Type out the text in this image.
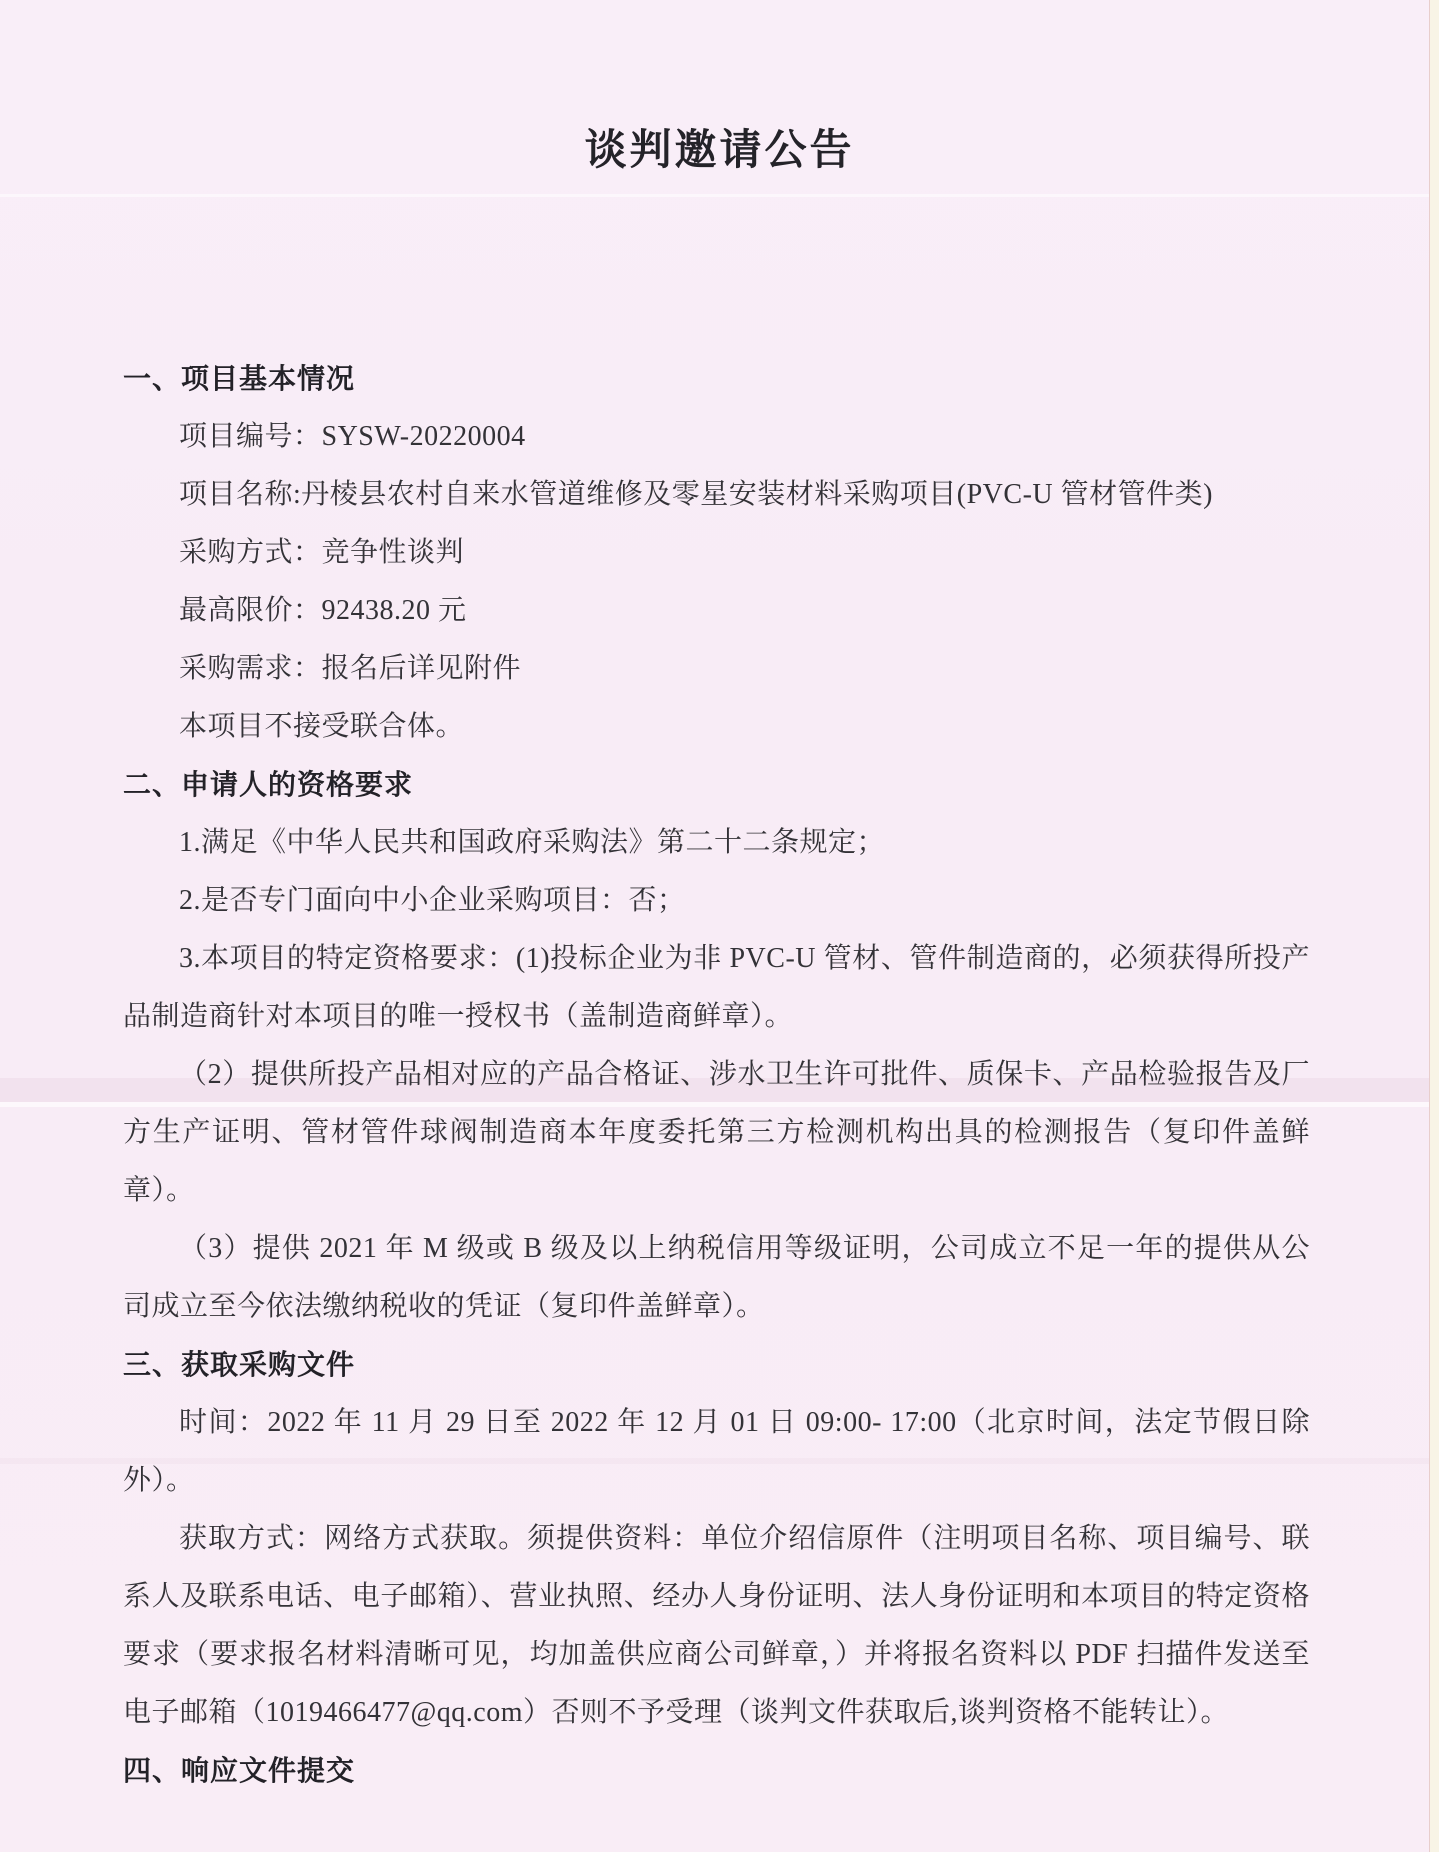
谈判邀请公告
一、项目基本情况

项目编号：SYSW-20220004

项目名称:丹棱县农村自来水管道维修及零星安装材料采购项目(PVC-U 管材管件类)

采购方式：竞争性谈判

最高限价：92438.20 元

采购需求：报名后详见附件

本项目不接受联合体。

二、申请人的资格要求

1.满足《中华人民共和国政府采购法》第二十二条规定；

2.是否专门面向中小企业采购项目：否；

3.本项目的特定资格要求：(1)投标企业为非 PVC-U 管材、管件制造商的，必须获得所投产品制造商针对本项目的唯一授权书（盖制造商鲜章）。

（2）提供所投产品相对应的产品合格证、涉水卫生许可批件、质保卡、产品检验报告及厂方生产证明、管材管件球阀制造商本年度委托第三方检测机构出具的检测报告（复印件盖鲜章）。

（3）提供 2021 年 M 级或 B 级及以上纳税信用等级证明，公司成立不足一年的提供从公司成立至今依法缴纳税收的凭证（复印件盖鲜章）。

三、获取采购文件

时间：2022 年 11 月 29 日至 2022 年 12 月 01 日 09:00- 17:00（北京时间，法定节假日除外）。

获取方式：网络方式获取。须提供资料：单位介绍信原件（注明项目名称、项目编号、联系人及联系电话、电子邮箱）、营业执照、经办人身份证明、法人身份证明和本项目的特定资格要求（要求报名材料清晰可见，均加盖供应商公司鲜章，）并将报名资料以 PDF 扫描件发送至电子邮箱（1019466477@qq.com）否则不予受理（谈判文件获取后,谈判资格不能转让）。

四、响应文件提交
